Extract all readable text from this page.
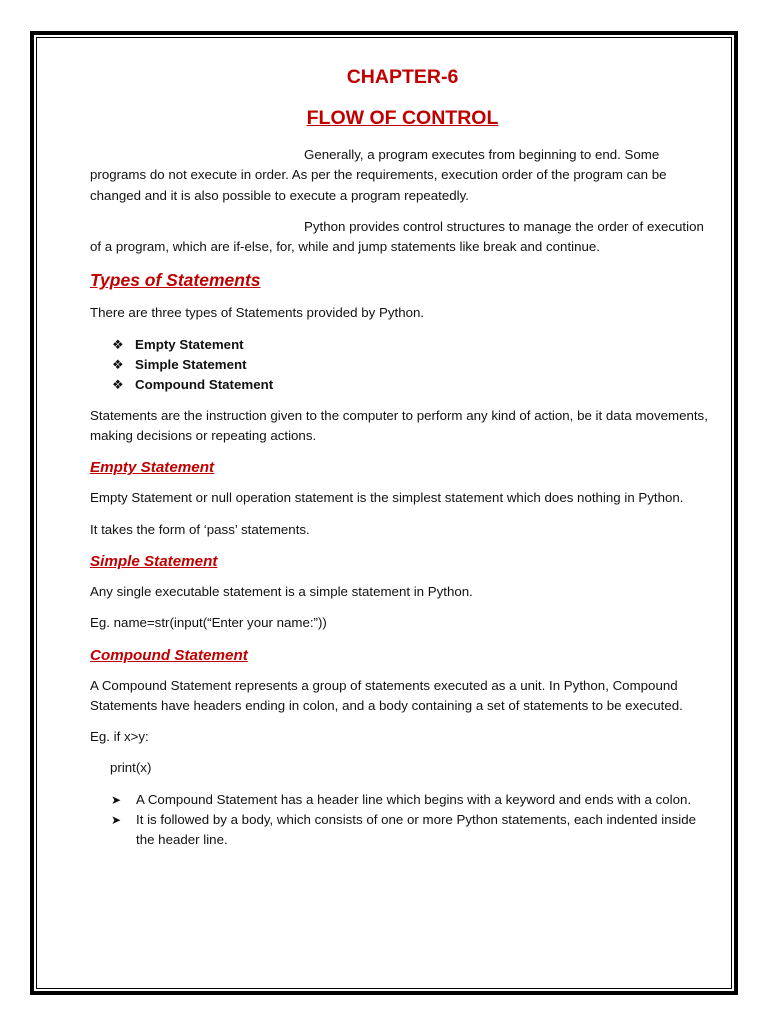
CHAPTER-6
FLOW OF CONTROL

Generally, a program executes from beginning to end. Some programs do not execute in order. As per the requirements, execution order of the program can be changed and it is also possible to execute a program repeatedly.

Python provides control structures to manage the order of execution of a program, which are if-else, for, while and jump statements like break and continue.

Types of Statements

There are three types of Statements provided by Python.

❖ Empty Statement
❖ Simple Statement
❖ Compound Statement

Statements are the instruction given to the computer to perform any kind of action, be it data movements, making decisions or repeating actions.

Empty Statement

Empty Statement or null operation statement is the simplest statement which does nothing in Python.

It takes the form of ‘pass’ statements.

Simple Statement

Any single executable statement is a simple statement in Python.

Eg. name=str(input(“Enter your name:”))

Compound Statement

A Compound Statement represents a group of statements executed as a unit. In Python, Compound Statements have headers ending in colon, and a body containing a set of statements to be executed.

Eg. if x>y:

print(x)

➤ A Compound Statement has a header line which begins with a keyword and ends with a colon.
➤ It is followed by a body, which consists of one or more Python statements, each indented inside the header line.
